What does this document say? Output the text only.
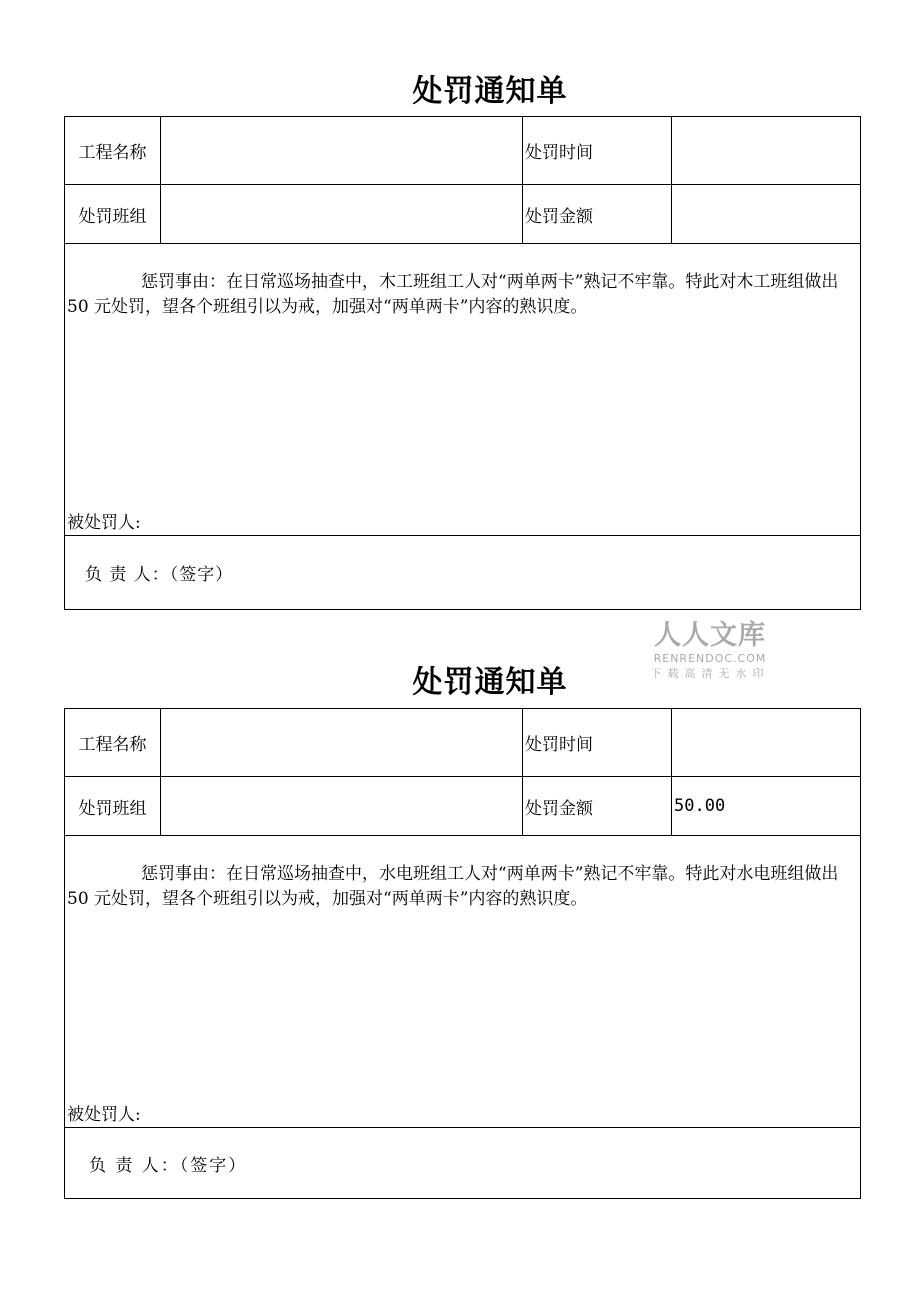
处罚通知单
工程名称		处罚时间	
处罚班组		处罚金额	

惩罚事由：在日常巡场抽查中，木工班组工人对“两单两卡”熟记不牢靠。特此对木工班组做出 50 元处罚，望各个班组引以为戒，加强对“两单两卡”内容的熟识度。
被处罚人:			

负 责 人：（签字）			
人人文库
RENRENDOC.COM
下载高清无水印
处罚通知单
工程名称		处罚时间	
处罚班组		处罚金额	50.00

惩罚事由：在日常巡场抽查中，水电班组工人对“两单两卡”熟记不牢靠。特此对水电班组做出 50 元处罚，望各个班组引以为戒，加强对“两单两卡”内容的熟识度。
被处罚人:			

负 责 人：（签字）			
